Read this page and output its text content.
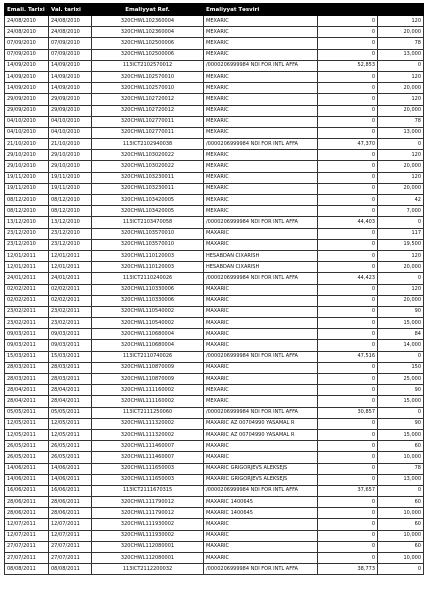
Emali. Tarixi	Val. tarixi	Emaliyyat Ref.	Emaliyyat Təsviri		
24/08/2010	24/08/2010	320CHWL102360004	MEXARIC	0	120
24/08/2010	24/08/2010	320CHWL102360004	MEXARIC	0	20,000
07/09/2010	07/09/2010	320CHWL102500006	MEXARIC	0	78
07/09/2010	07/09/2010	320CHWL102500006	MEXARIC	0	13,000
14/09/2010	14/09/2010	113ICT2102570012	/0000206999984 NDI FOR INTL AFFA	52,853	0
14/09/2010	14/09/2010	320CHWL102570010	MEXARIC	0	120
14/09/2010	14/09/2010	320CHWL102570010	MEXARIC	0	20,000
29/09/2010	29/09/2010	320CHWL102720012	MEXARIC	0	120
29/09/2010	29/09/2010	320CHWL102720012	MEXARIC	0	20,000
04/10/2010	04/10/2010	320CHWL102770011	MEXARIC	0	78
04/10/2010	04/10/2010	320CHWL102770011	MEXARIC	0	13,000
21/10/2010	21/10/2010	113ICT2102940038	/0000206999984 NDI FOR INTL AFFA	47,370	0
29/10/2010	29/10/2010	320CHWL103020022	MEXARIC	0	120
29/10/2010	29/10/2010	320CHWL103020022	MEXARIC	0	20,000
19/11/2010	19/11/2010	320CHWL103230011	MEXARIC	0	120
19/11/2010	19/11/2010	320CHWL103230011	MEXARIC	0	20,000
08/12/2010	08/12/2010	320CHWL103420005	MEXARIC	0	42
08/12/2010	08/12/2010	320CHWL103420005	MEXARIC	0	7,000
13/12/2010	13/12/2010	113ICT2103470058	/0000206999984 NDI FOR INTL AFFA	44,403	0
23/12/2010	23/12/2010	320CHWL103570010	MAXARIC	0	117
23/12/2010	23/12/2010	320CHWL103570010	MAXARIC	0	19,500
12/01/2011	12/01/2011	320CHWL110120003	HESABDAN CIXARISH	0	120
12/01/2011	12/01/2011	320CHWL110120003	HESABDAN CIXARISH	0	20,000
24/01/2011	24/01/2011	113ICT2110240026	/0000206999984 NDI FOR INTL AFFA	44,423	0
02/02/2011	02/02/2011	320CHWL110330006	MAXARIC	0	120
02/02/2011	02/02/2011	320CHWL110330006	MAXARIC	0	20,000
23/02/2011	23/02/2011	320CHWL110540002	MAXARIC	0	90
23/02/2011	23/02/2011	320CHWL110540002	MAXARIC	0	15,000
09/03/2011	09/03/2011	320CHWL110680004	MAXARIC	0	84
09/03/2011	09/03/2011	320CHWL110680004	MAXARIC	0	14,000
15/03/2011	15/03/2011	113ICT2110740026	/0000206999984 NDI FOR INTL AFFA	47,516	0
28/03/2011	28/03/2011	320CHWL110870009	MAXARIC	0	150
28/03/2011	28/03/2011	320CHWL110870009	MAXARIC	0	25,000
28/04/2011	28/04/2011	320CHWL111160002	MEXARIC	0	90
28/04/2011	28/04/2011	320CHWL111160002	MEXARIC	0	15,000
05/05/2011	05/05/2011	113ICT2111250060	/0000206999984 NDI FOR INTL AFFA	30,857	0
12/05/2011	12/05/2011	320CHWL111320002	MAXARIC AZ 00704990 YASAMAL R	0	90
12/05/2011	12/05/2011	320CHWL111320002	MAXARIC AZ 00704990 YASAMAL R	0	15,000
26/05/2011	26/05/2011	320CHWL111460007	MAXARIC	0	60
26/05/2011	26/05/2011	320CHWL111460007	MAXARIC	0	10,000
14/06/2011	14/06/2011	320CHWL111650003	MAXARIC GRIGORJEVS ALEKSEJS	0	78
14/06/2011	14/06/2011	320CHWL111650003	MAXARIC GRIGORJEVS ALEKSEJS	0	13,000
16/06/2011	16/06/2011	113ICT2111670315	/0000206999984 NDI FOR INTL AFFA	37,657	0
28/06/2011	28/06/2011	320CHWL111790012	MAXARIC 1400645	0	60
28/06/2011	28/06/2011	320CHWL111790012	MAXARIC 1400645	0	10,000
12/07/2011	12/07/2011	320CHWL111930002	MAXARIC	0	60
12/07/2011	12/07/2011	320CHWL111930002	MAXARIC	0	10,000
27/07/2011	27/07/2011	320CHWL112080001	MAXARIC	0	60
27/07/2011	27/07/2011	320CHWL112080001	MAXARIC	0	10,000
08/08/2011	08/08/2011	113ICT2112200032	/0000206999984 NDI FOR INTL AFFA	38,773	0
